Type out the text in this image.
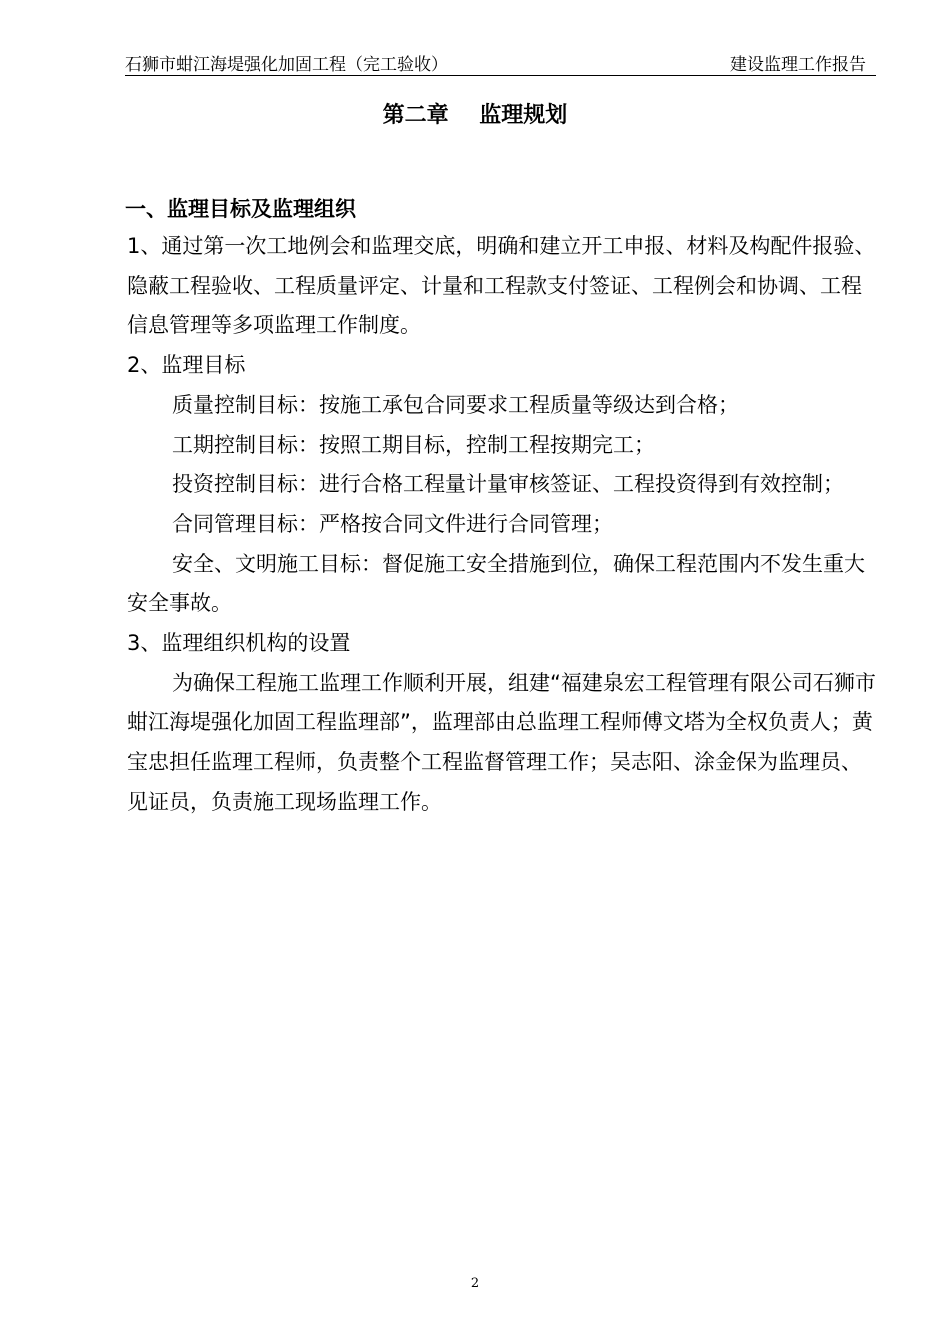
石狮市蚶江海堤强化加固工程（完工验收）	建设监理工作报告
第二章    监理规划
一、监理目标及监理组织

1、通过第一次工地例会和监理交底，明确和建立开工申报、材料及构配件报验、隐蔽工程验收、工程质量评定、计量和工程款支付签证、工程例会和协调、工程信息管理等多项监理工作制度。

2、监理目标

质量控制目标：按施工承包合同要求工程质量等级达到合格；

工期控制目标：按照工期目标，控制工程按期完工；

投资控制目标：进行合格工程量计量审核签证、工程投资得到有效控制；

合同管理目标：严格按合同文件进行合同管理；

安全、文明施工目标：督促施工安全措施到位，确保工程范围内不发生重大安全事故。

3、监理组织机构的设置

为确保工程施工监理工作顺利开展，组建“福建泉宏工程管理有限公司石狮市蚶江海堤强化加固工程监理部”，监理部由总监理工程师傅文塔为全权负责人；黄宝忠担任监理工程师，负责整个工程监督管理工作；吴志阳、涂金保为监理员、见证员，负责施工现场监理工作。

2
